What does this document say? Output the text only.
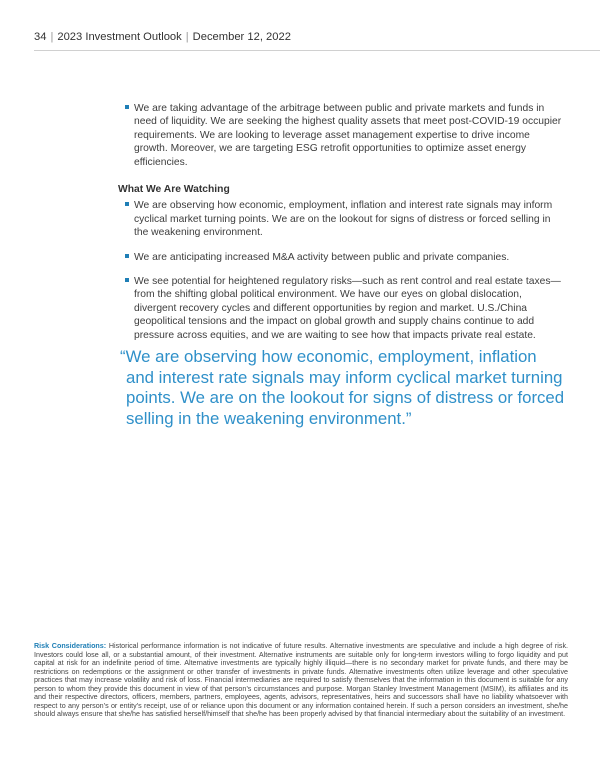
34 | 2023 Investment Outlook | December 12, 2022
We are taking advantage of the arbitrage between public and private markets and funds in need of liquidity. We are seeking the highest quality assets that meet post-COVID-19 occupier requirements. We are looking to leverage asset management expertise to drive income growth. Moreover, we are targeting ESG retrofit opportunities to optimize asset energy efficiencies.
What We Are Watching
We are observing how economic, employment, inflation and interest rate signals may inform cyclical market turning points. We are on the lookout for signs of distress or forced selling in the weakening environment.
We are anticipating increased M&A activity between public and private companies.
We see potential for heightened regulatory risks—such as rent control and real estate taxes—from the shifting global political environment. We have our eyes on global dislocation, divergent recovery cycles and different opportunities by region and market. U.S./China geopolitical tensions and the impact on global growth and supply chains continue to add pressure across equities, and we are waiting to see how that impacts private real estate.
“We are observing how economic, employment, inflation and interest rate signals may inform cyclical market turning points. We are on the lookout for signs of distress or forced selling in the weakening environment.”
Risk Considerations: Historical performance information is not indicative of future results. Alternative investments are speculative and include a high degree of risk. Investors could lose all, or a substantial amount, of their investment. Alternative instruments are suitable only for long-term investors willing to forgo liquidity and put capital at risk for an indefinite period of time. Alternative investments are typically highly illiquid—there is no secondary market for private funds, and there may be restrictions on redemptions or the assignment or other transfer of investments in private funds. Alternative investments often utilize leverage and other speculative practices that may increase volatility and risk of loss. Financial intermediaries are required to satisfy themselves that the information in this document is suitable for any person to whom they provide this document in view of that person’s circumstances and purpose. Morgan Stanley Investment Management (MSIM), its affiliates and its and their respective directors, officers, members, partners, employees, agents, advisors, representatives, heirs and successors shall have no liability whatsoever with respect to any person’s or entity’s receipt, use of or reliance upon this document or any information contained herein. If such a person considers an investment, she/he should always ensure that she/he has satisfied herself/himself that she/he has been properly advised by that financial intermediary about the suitability of an investment.
